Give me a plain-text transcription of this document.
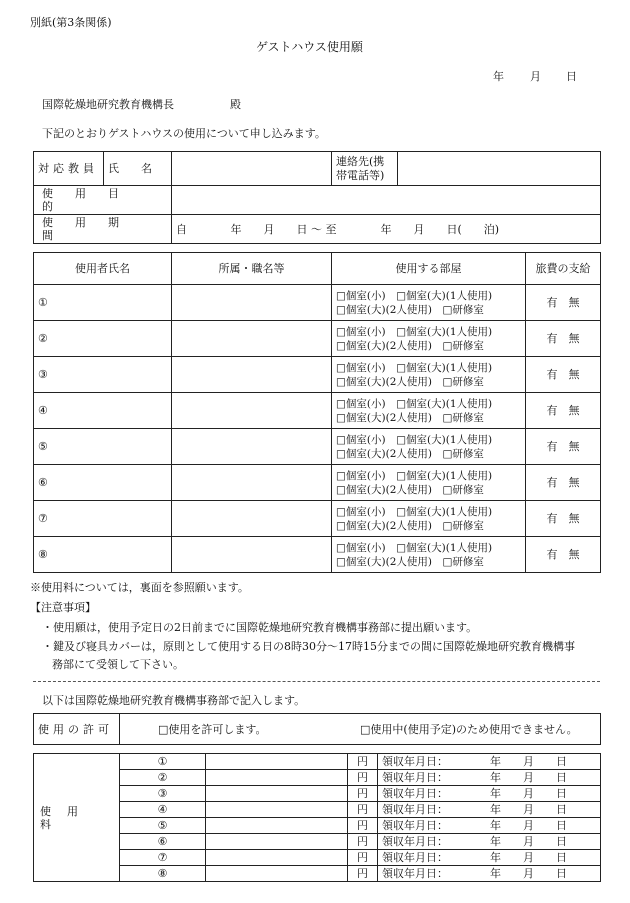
別紙(第3条関係)
ゲストハウス使用願
年 月 日
国際乾燥地研究教育機構長	殿
下記のとおりゲストハウスの使用について申し込みます。
対応教員	氏　　名		連絡先(携
帯電話等)	

使用目的				
使用期間		自 年　　月　　日 〜 至　　　　年　　月　　日(　　泊)		
使用者氏名	所属・職名等	使用する部屋	旅費の支給
①		□個室(小)　□個室(大)(1人使用)
□個室(大)(2人使用)　□研修室	有　無
②		□個室(小)　□個室(大)(1人使用)
□個室(大)(2人使用)　□研修室	有　無
③		□個室(小)　□個室(大)(1人使用)
□個室(大)(2人使用)　□研修室	有　無
④		□個室(小)　□個室(大)(1人使用)
□個室(大)(2人使用)　□研修室	有　無
⑤		□個室(小)　□個室(大)(1人使用)
□個室(大)(2人使用)　□研修室	有　無
⑥		□個室(小)　□個室(大)(1人使用)
□個室(大)(2人使用)　□研修室	有　無
⑦		□個室(小)　□個室(大)(1人使用)
□個室(大)(2人使用)　□研修室	有　無
⑧		□個室(小)　□個室(大)(1人使用)
□個室(大)(2人使用)　□研修室	有　無
※使用料については，裏面を参照願います。
【注意事項】
・使用願は，使用予定日の2日前までに国際乾燥地研究教育機構事務部に提出願います。
・鍵及び寝具カバーは，原則として使用する日の8時30分〜17時15分までの間に国際乾燥地研究教育機構事
務部にて受領して下さい。
以下は国際乾燥地研究教育機構事務部で記入します。
使用の許可	□使用を許可します。	□使用中(使用予定)のため使用できません。
使用料	①		円	領収年月日： 年　　月　　日
	②		円	領収年月日： 年　　月　　日
	③		円	領収年月日： 年　　月　　日
	④		円	領収年月日： 年　　月　　日
	⑤		円	領収年月日： 年　　月　　日
	⑥		円	領収年月日： 年　　月　　日
	⑦		円	領収年月日： 年　　月　　日
	⑧		円	領収年月日： 年　　月　　日
